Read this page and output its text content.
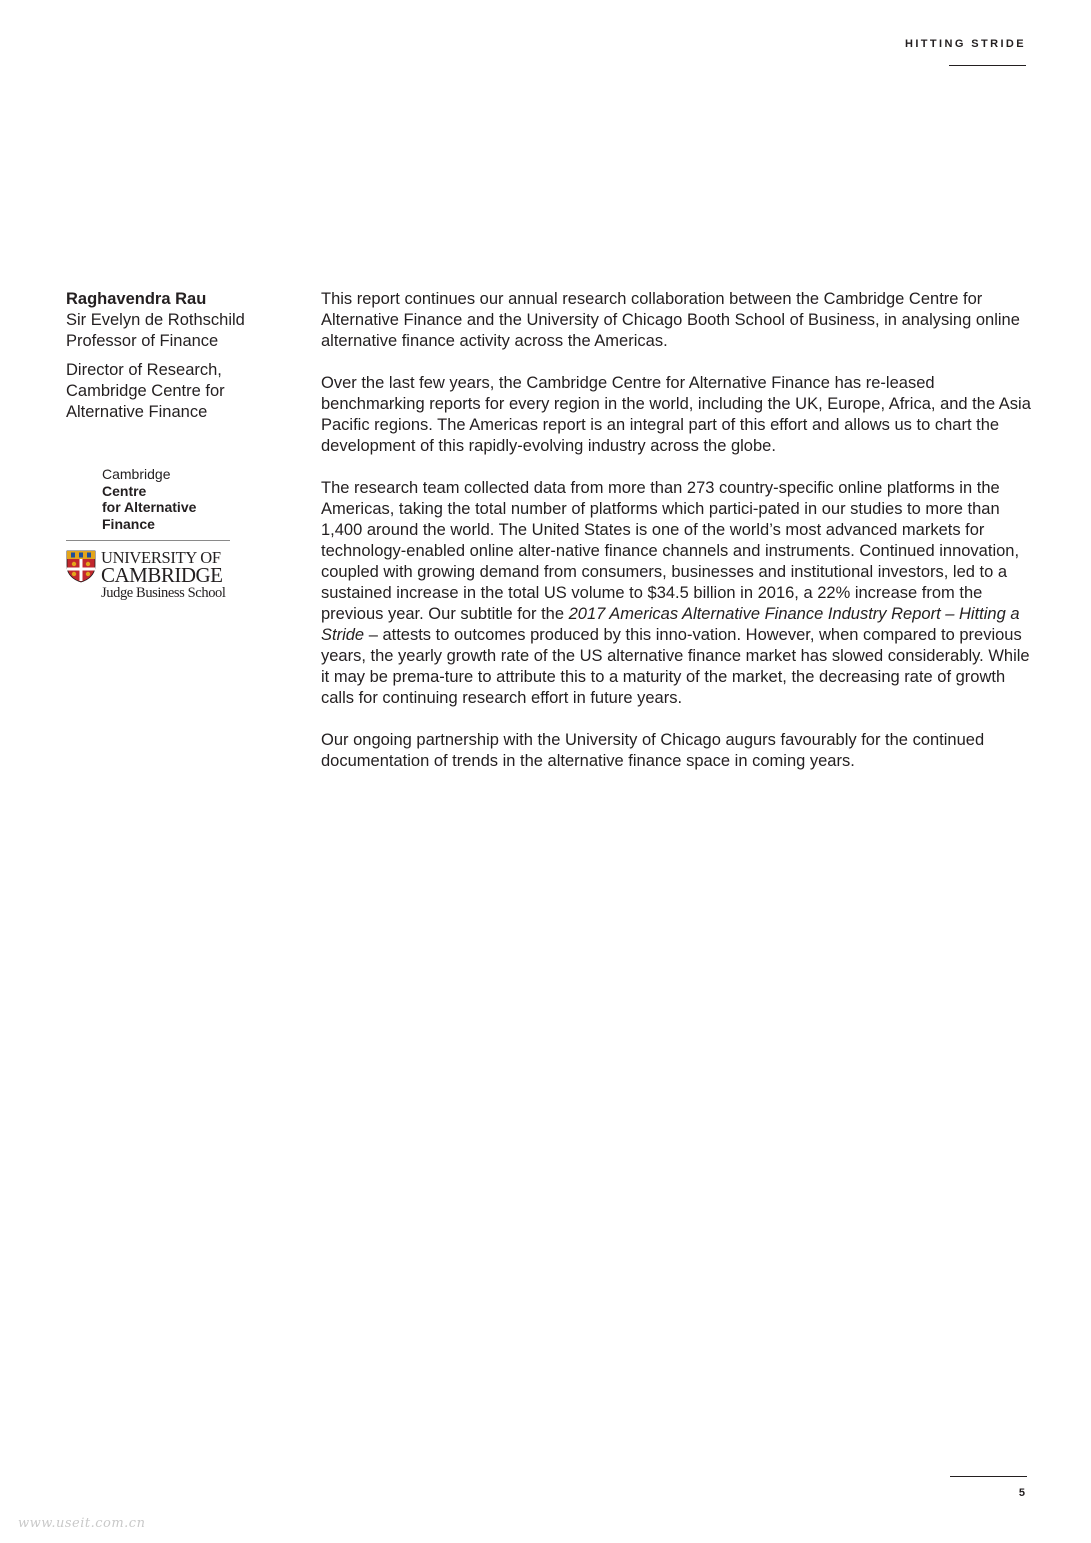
HITTING STRIDE

Raghavendra Rau

Sir Evelyn de Rothschild

Professor of Finance

Director of Research,

Cambridge Centre for

Alternative Finance

Cambridge
Centre
for Alternative
Finance
UNIVERSITY OF
CAMBRIDGE
Judge Business School

This report continues our annual research collaboration between the Cambridge Centre for Alternative Finance and the University of Chicago Booth School of Business, in analysing online alternative finance activity across the Americas.

Over the last few years, the Cambridge Centre for Alternative Finance has re-leased benchmarking reports for every region in the world, including the UK, Europe, Africa, and the Asia Pacific regions. The Americas report is an integral part of this effort and allows us to chart the development of this rapidly-evolving industry across the globe.

The research team collected data from more than 273 country-specific online platforms in the Americas, taking the total number of platforms which partici-pated in our studies to more than 1,400 around the world. The United States is one of the world’s most advanced markets for technology-enabled online alter-native finance channels and instruments. Continued innovation, coupled with growing demand from consumers, businesses and institutional investors, led to a sustained increase in the total US volume to $34.5 billion in 2016, a 22% increase from the previous year. Our subtitle for the 2017 Americas Alternative Finance Industry Report – Hitting a Stride – attests to outcomes produced by this inno-vation. However, when compared to previous years, the yearly growth rate of the US alternative finance market has slowed considerably. While it may be prema-ture to attribute this to a maturity of the market, the decreasing rate of growth calls for continuing research effort in future years.

Our ongoing partnership with the University of Chicago augurs favourably for the continued documentation of trends in the alternative finance space in coming years.

5
www.useit.com.cn
